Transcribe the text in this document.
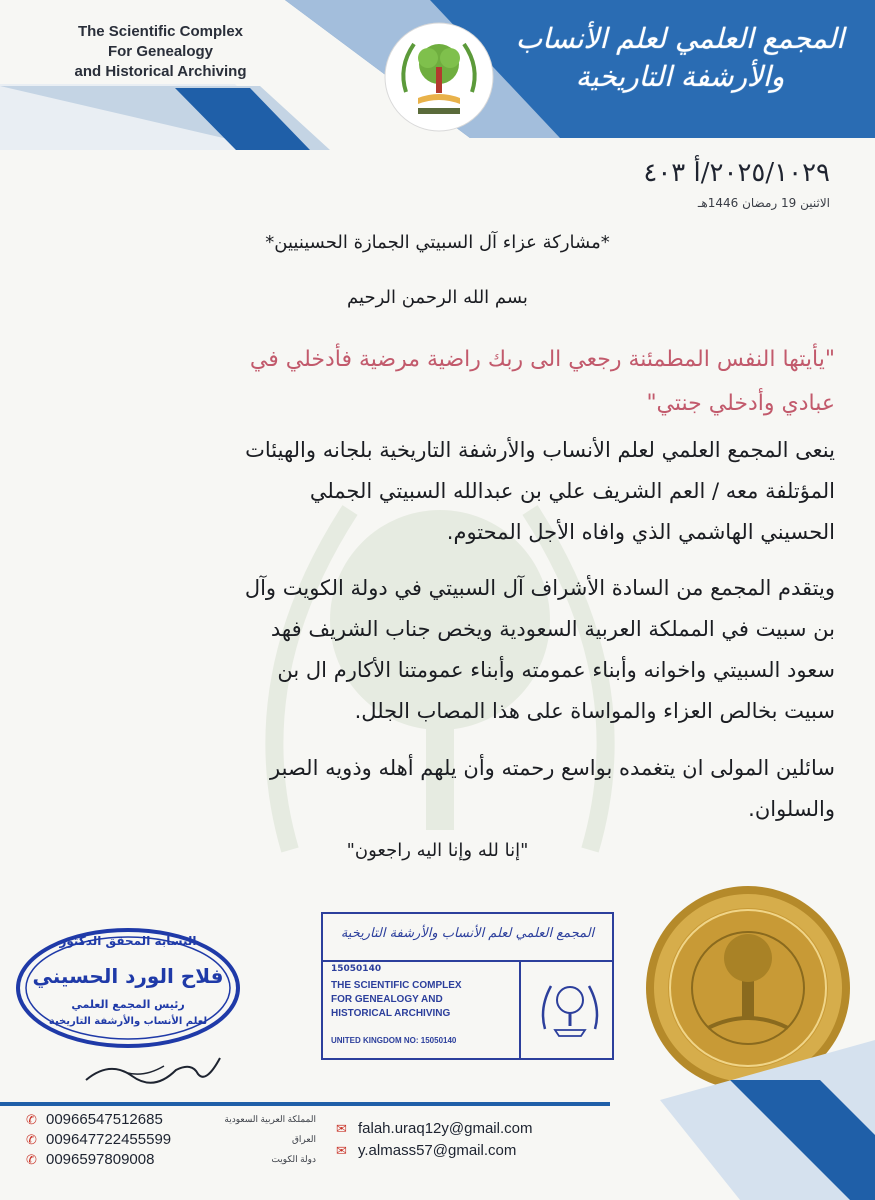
The Scientific Complex
For Genealogy
and Historical Archiving
المجمع العلمي لعلم الأنساب
والأرشفة التاريخية
٢٠٢٥/١٠٢٩/أ ٤٠٣
الاثنين 19 رمضان 1446هـ
*مشاركة عزاء آل السبيتي الجمازة الحسينيين*
بسم الله الرحمن الرحيم
"يأيتها النفس المطمئنة رجعي الى ربك راضية مرضية فأدخلي في
عبادي وأدخلي جنتي"
ينعى المجمع العلمي لعلم الأنساب والأرشفة التاريخية بلجانه والهيئات
المؤتلفة معه / العم الشريف علي بن عبدالله السبيتي الجملي
الحسيني الهاشمي الذي وافاه الأجل المحتوم.
ويتقدم المجمع من السادة الأشراف آل السبيتي في دولة الكويت وآل
بن سبيت في المملكة العربية السعودية ويخص جناب الشريف فهد
سعود السبيتي واخوانه وأبناء عمومته وأبناء عمومتنا الأكارم ال بن
سبيت بخالص العزاء والمواساة على هذا المصاب الجلل.
سائلين المولى ان يتغمده بواسع رحمته وأن يلهم أهله وذويه الصبر
والسلوان.
"إنا لله وإنا اليه راجعون"
النسابة المحقق الدكتور
فلاح الورد الحسيني
رئيس المجمع العلمي
لعلم الأنساب والأرشفة التاريخية
المجمع العلمي لعلم الأنساب والأرشفة التاريخية
15050140
THE SCIENTIFIC COMPLEX
FOR GENEALOGY AND
HISTORICAL ARCHIVING
UNITED KINGDOM NO: 15050140
✆ 00966547512685	المملكة العربية السعودية
✆ 009647722455599	العراق
✆ 0096597809008	دولة الكويت
✉ falah.uraq12y@gmail.com
✉ y.almass57@gmail.com
